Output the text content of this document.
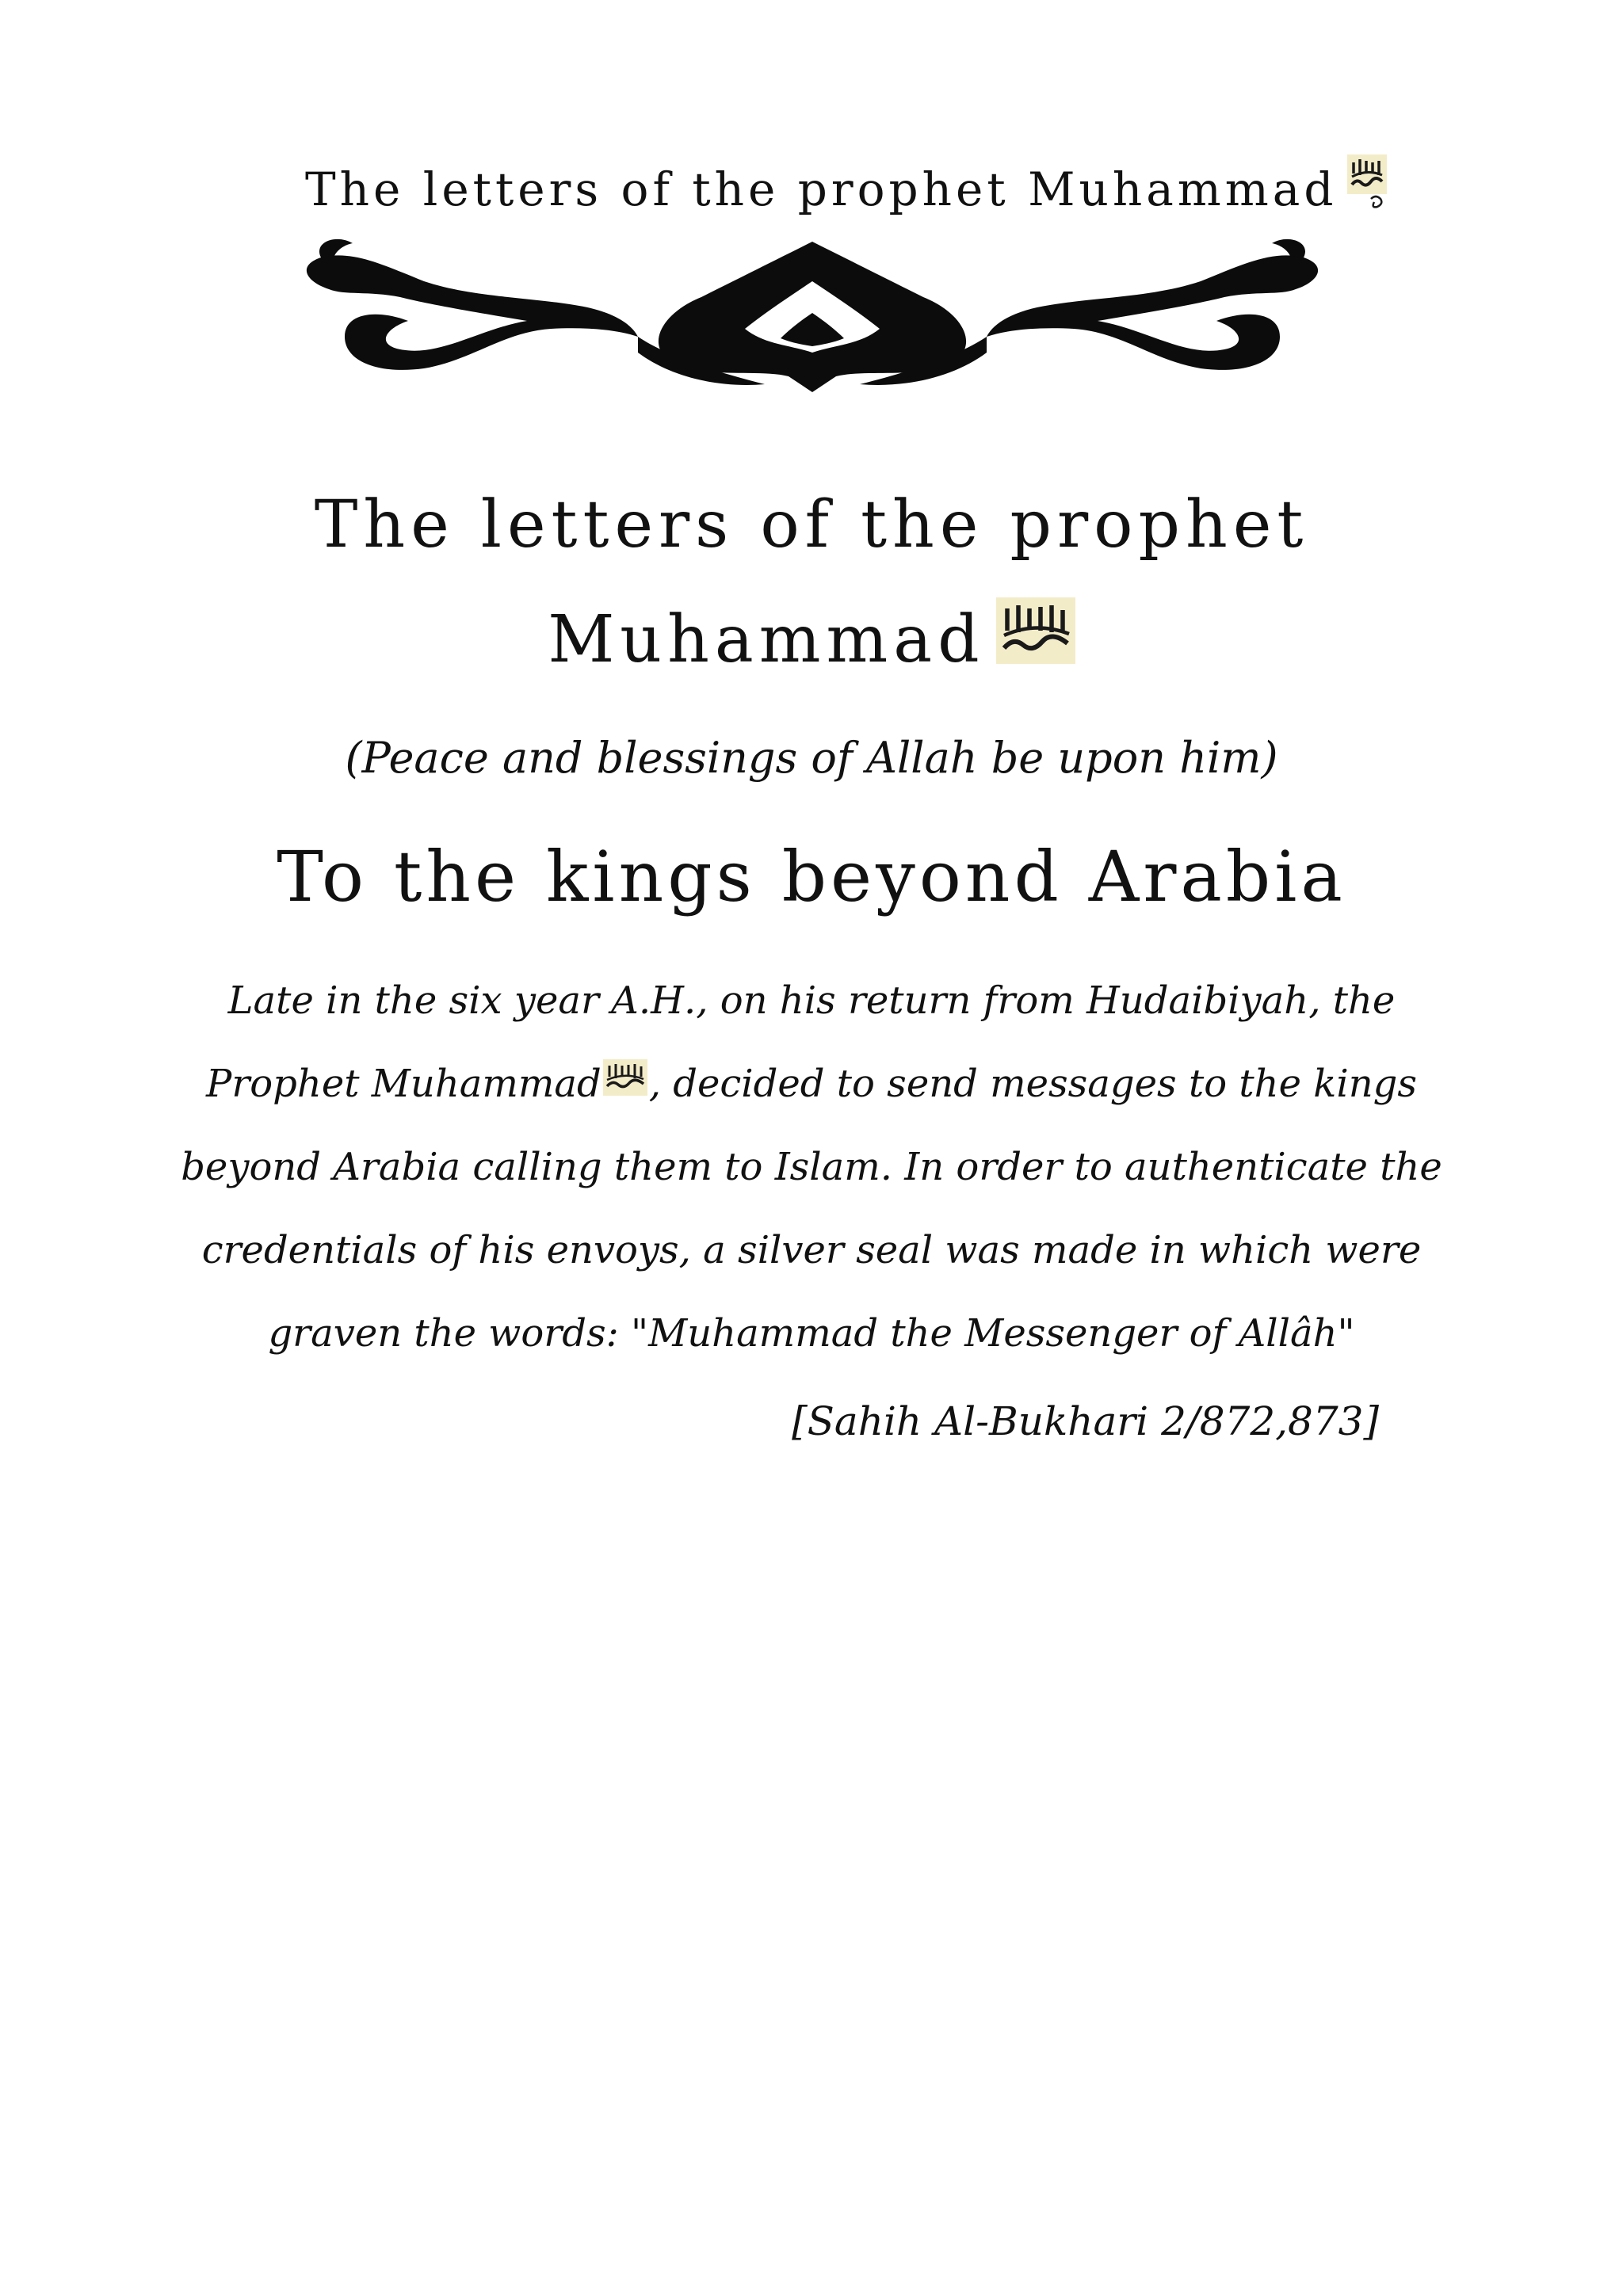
The letters of the prophet Muhammad
The letters of the prophet
Muhammad
(Peace and blessings of Allah be upon him)
To the kings beyond Arabia
Late in the six year A.H., on his return from Hudaibiyah, the
Prophet Muhammad , decided to send messages to the kings
beyond Arabia calling them to Islam. In order to authenticate the
credentials of his envoys, a silver seal was made in which were
graven the words: "Muhammad the Messenger of Allâh"
[Sahih Al-Bukhari 2/872,873]
